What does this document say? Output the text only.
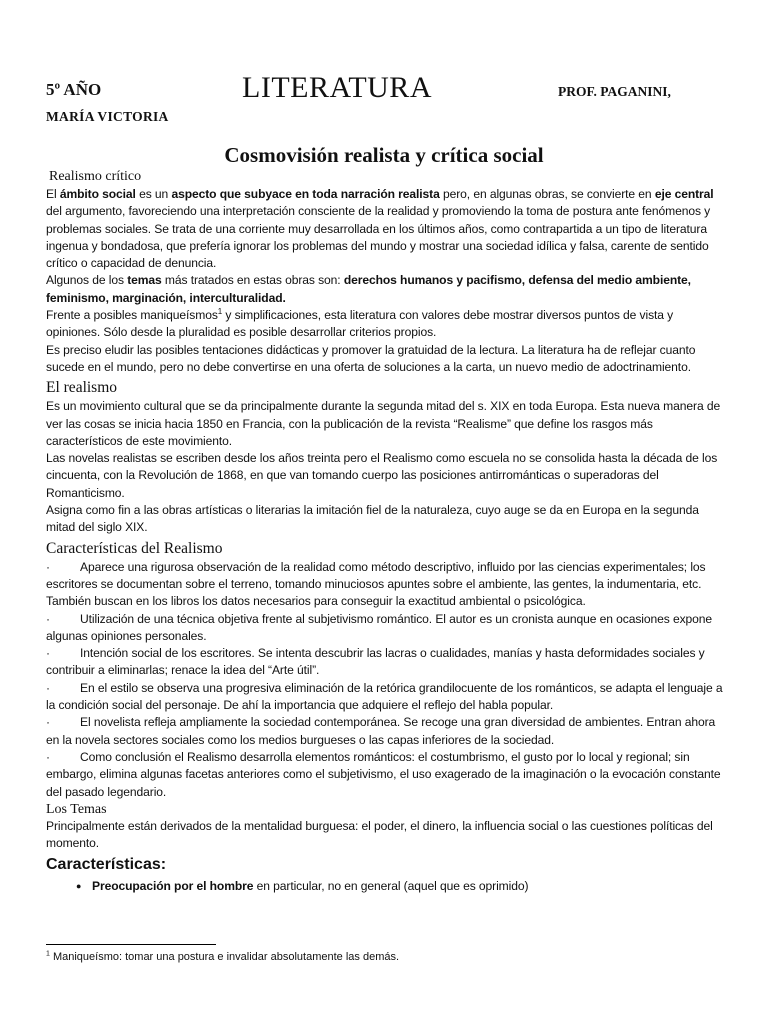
5º AÑO	LITERATURA	PROF. PAGANINI,
MARÍA VICTORIA
Cosmovisión realista y crítica social

Realismo crítico

El ámbito social es un aspecto que subyace en toda narración realista pero, en algunas obras, se convierte en eje central del argumento, favoreciendo una interpretación consciente de la realidad y promoviendo la toma de postura ante fenómenos y problemas sociales. Se trata de una corriente muy desarrollada en los últimos años, como contrapartida a un tipo de literatura ingenua y bondadosa, que prefería ignorar los problemas del mundo y mostrar una sociedad idílica y falsa, carente de sentido crítico o capacidad de denuncia.

Algunos de los temas más tratados en estas obras son: derechos humanos y pacifismo, defensa del medio ambiente, feminismo, marginación, interculturalidad.

Frente a posibles maniqueísmos$^1$ y simplificaciones, esta literatura con valores debe mostrar diversos puntos de vista y opiniones. Sólo desde la pluralidad es posible desarrollar criterios propios.

Es preciso eludir las posibles tentaciones didácticas y promover la gratuidad de la lectura. La literatura ha de reflejar cuanto sucede en el mundo, pero no debe convertirse en una oferta de soluciones a la carta, un nuevo medio de adoctrinamiento.

El realismo

Es un movimiento cultural que se da principalmente durante la segunda mitad del s. XIX en toda Europa. Esta nueva manera de ver las cosas se inicia hacia 1850 en Francia, con la publicación de la revista “Realisme” que define los rasgos más característicos de este movimiento.

Las novelas realistas se escriben desde los años treinta pero el Realismo como escuela no se consolida hasta la década de los cincuenta, con la Revolución de 1868, en que van tomando cuerpo las posiciones antirrománticas o superadoras del Romanticismo.

Asigna como fin a las obras artísticas o literarias la imitación fiel de la naturaleza, cuyo auge se da en Europa en la segunda mitad del siglo XIX.

Características del Realismo

· Aparece una rigurosa observación de la realidad como método descriptivo, influido por las ciencias experimentales; los escritores se documentan sobre el terreno, tomando minuciosos apuntes sobre el ambiente, las gentes, la indumentaria, etc. También buscan en los libros los datos necesarios para conseguir la exactitud ambiental o psicológica.

· Utilización de una técnica objetiva frente al subjetivismo romántico. El autor es un cronista aunque en ocasiones expone algunas opiniones personales.

· Intención social de los escritores. Se intenta descubrir las lacras o cualidades, manías y hasta deformidades sociales y contribuir a eliminarlas; renace la idea del “Arte útil”.

· En el estilo se observa una progresiva eliminación de la retórica grandilocuente de los románticos, se adapta el lenguaje a la condición social del personaje. De ahí la importancia que adquiere el reflejo del habla popular.

· El novelista refleja ampliamente la sociedad contemporánea. Se recoge una gran diversidad de ambientes. Entran ahora en la novela sectores sociales como los medios burgueses o las capas inferiores de la sociedad.

· Como conclusión el Realismo desarrolla elementos románticos: el costumbrismo, el gusto por lo local y regional; sin embargo, elimina algunas facetas anteriores como el subjetivismo, el uso exagerado de la imaginación o la evocación constante del pasado legendario.

Los Temas

Principalmente están derivados de la mentalidad burguesa: el poder, el dinero, la influencia social o las cuestiones políticas del momento.

Características:

● Preocupación por el hombre en particular, no en general (aquel que es oprimido)

$^1$ Maniqueísmo: tomar una postura e invalidar absolutamente las demás.
